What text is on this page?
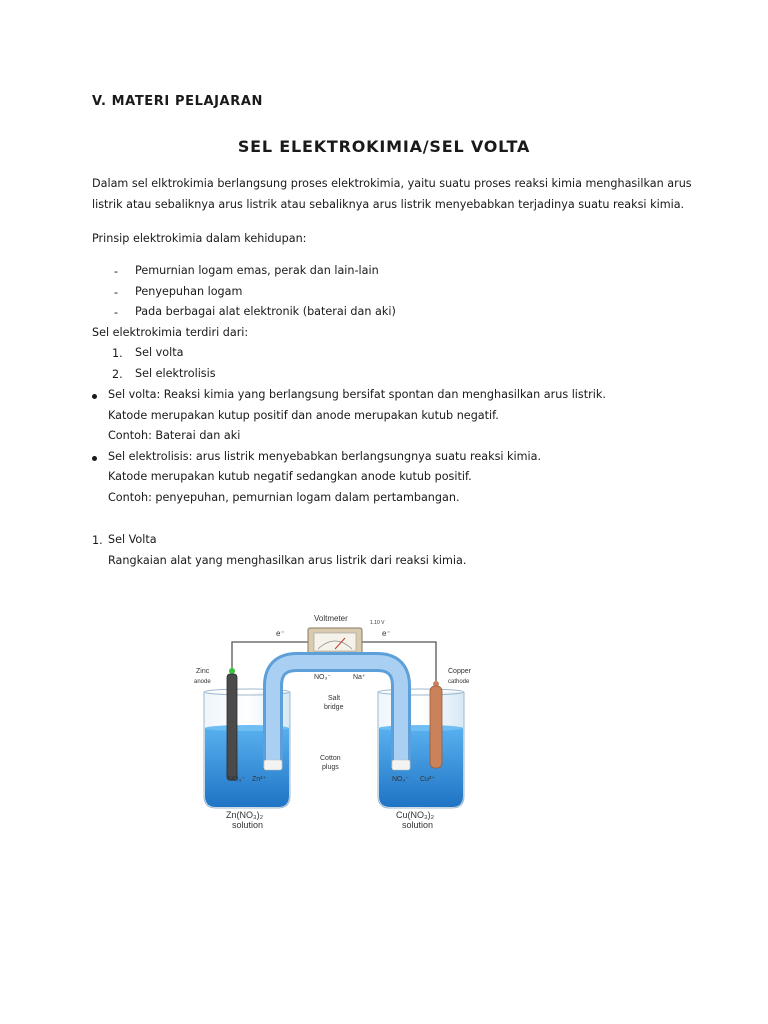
V. MATERI PELAJARAN
SEL ELEKTROKIMIA/SEL VOLTA
Dalam sel elktrokimia berlangsung proses elektrokimia, yaitu suatu proses reaksi kimia menghasilkan arus
listrik atau sebaliknya arus listrik atau sebaliknya arus listrik menyebabkan terjadinya suatu reaksi kimia.
Prinsip elektrokimia dalam kehidupan:
- Pemurnian logam emas, perak dan lain-lain
- Penyepuhan logam
- Pada berbagai alat elektronik (baterai dan aki)
Sel elektrokimia terdiri dari:
1. Sel volta
2. Sel elektrolisis
Sel volta: Reaksi kimia yang berlangsung bersifat spontan dan menghasilkan arus listrik.
Katode merupakan kutup positif dan anode merupakan kutub negatif.
Contoh: Baterai dan aki
Sel elektrolisis: arus listrik menyebabkan berlangsungnya suatu reaksi kimia.
Katode merupakan kutub negatif sedangkan anode kutub positif.
Contoh: penyepuhan, pemurnian logam dalam pertambangan.
1. Sel Volta
Rangkaian alat yang menghasilkan arus listrik dari reaksi kimia.
Voltmeter	1.10 V
e⁻	e⁻
Zinc
anode
Copper
cathode
NO₃⁻	Na⁺
Salt
bridge
Cotton
plugs
NO₃⁻ Zn²⁺	NO₃⁻ Cu²⁺
Zn(NO₃)₂
solution
Cu(NO₃)₂
solution
